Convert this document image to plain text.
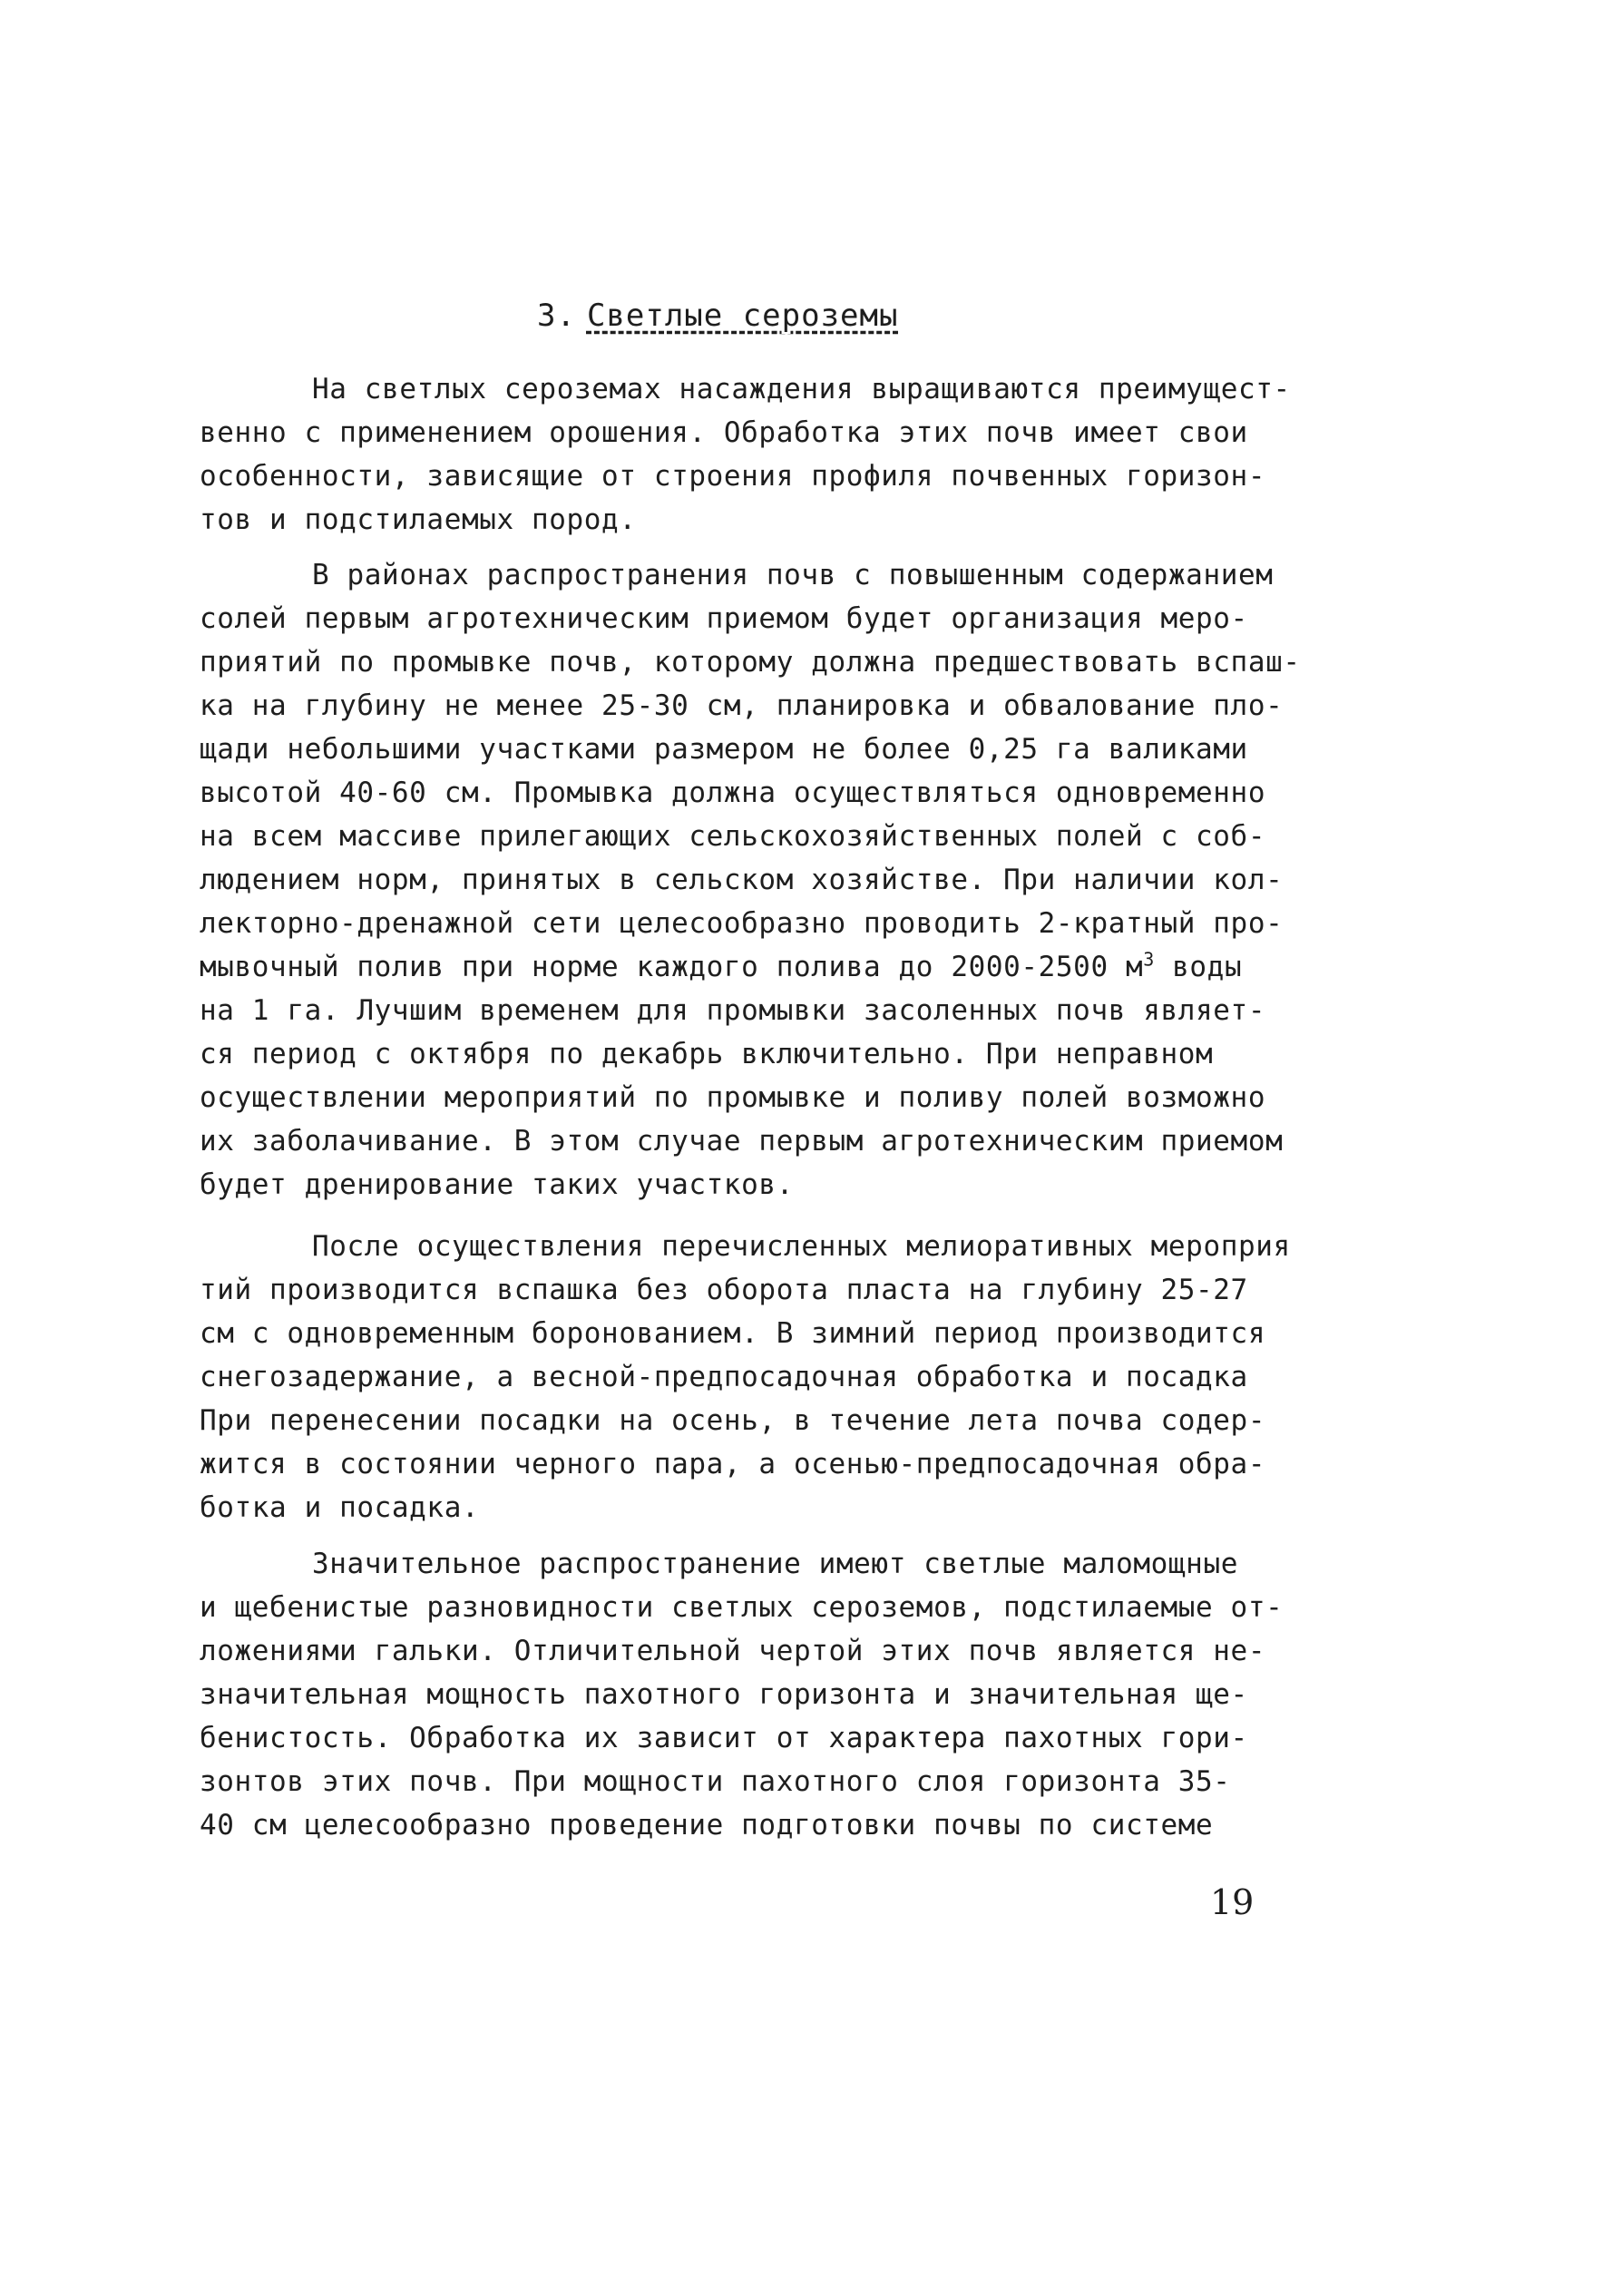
3. Светлые сероземы
На светлых сероземах насаждения выращиваются преимущест-
венно с применением орошения. Обработка этих почв имеет свои
особенности, зависящие от строения профиля почвенных горизон-
тов и подстилаемых пород.
В районах распространения почв с повышенным содержанием
солей первым агротехническим приемом будет организация меро-
приятий по промывке почв, которому должна предшествовать вспаш-
ка на глубину не менее 25-30 см, планировка и обвалование пло-
щади небольшими участками размером не более 0,25 га валиками
высотой 40-60 см. Промывка должна осуществляться одновременно
на всем массиве прилегающих сельскохозяйственных полей с соб-
людением норм, принятых в сельском хозяйстве. При наличии кол-
лекторно-дренажной сети целесообразно проводить 2-кратный про-
мывочный полив при норме каждого полива до 2000-2500 $м^3$ воды
на 1 га. Лучшим временем для промывки засоленных почв являет-
ся период с октября по декабрь включительно. При неправном
осуществлении мероприятий по промывке и поливу полей возможно
их заболачивание. В этом случае первым агротехническим приемом
будет дренирование таких участков.
После осуществления перечисленных мелиоративных мероприя
тий производится вспашка без оборота пласта на глубину 25-27
см с одновременным боронованием. В зимний период производится
снегозадержание, а весной-предпосадочная обработка и посадка
При перенесении посадки на осень, в течение лета почва содер-
жится в состоянии черного пара, а осенью-предпосадочная обра-
ботка и посадка.
Значительное распространение имеют светлые маломощные
и щебенистые разновидности светлых сероземов, подстилаемые от-
ложениями гальки. Отличительной чертой этих почв является не-
значительная мощность пахотного горизонта и значительная ще-
бенистость. Обработка их зависит от характера пахотных гори-
зонтов этих почв. При мощности пахотного слоя горизонта 35-
40 см целесообразно проведение подготовки почвы по системе
19
